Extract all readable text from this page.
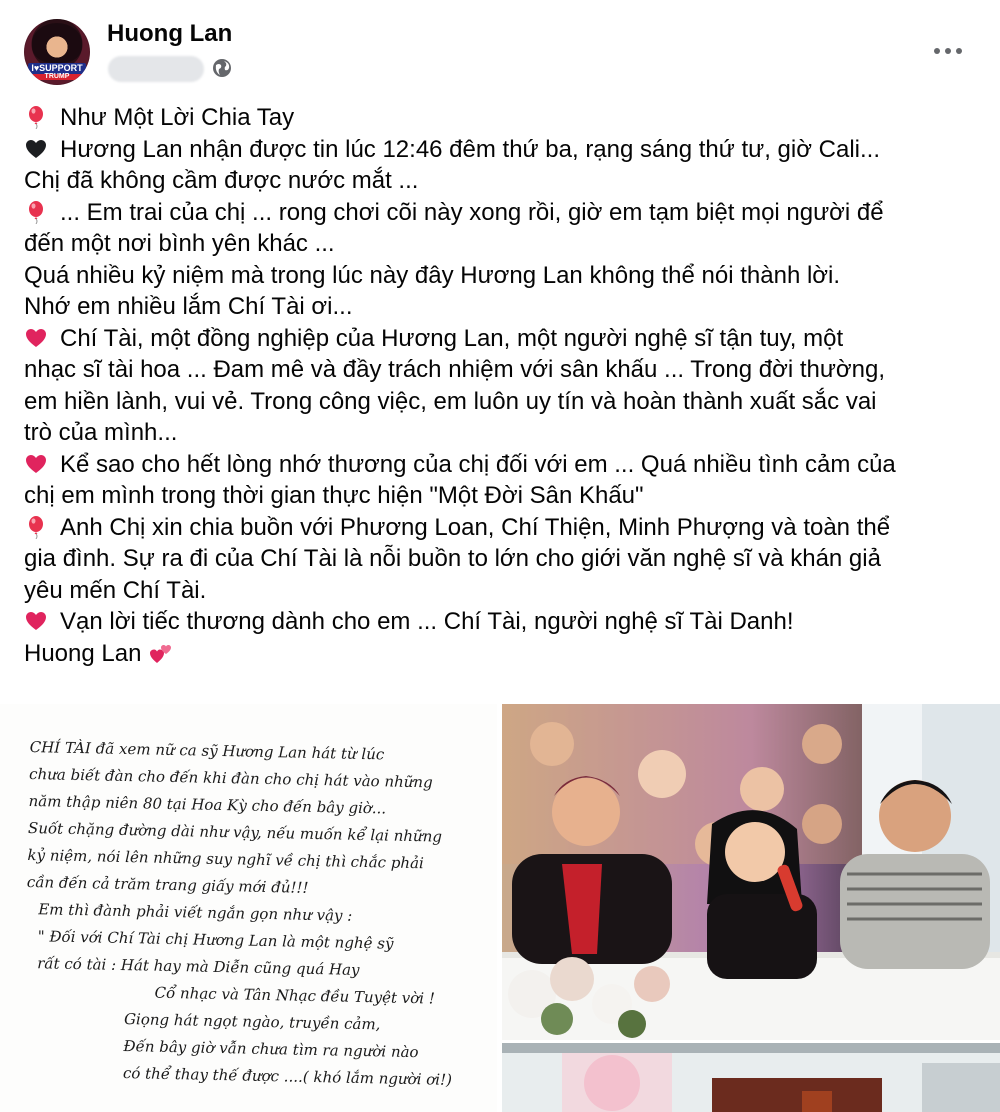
I♥SUPPORT
TRUMP
Huong Lan
Như Một Lời Chia Tay
Hương Lan nhận được tin lúc 12:46 đêm thứ ba, rạng sáng thứ tư, giờ Cali...
Chị đã không cầm được nước mắt ...
... Em trai của chị ... rong chơi cõi này xong rồi, giờ em tạm biệt mọi người để
đến một nơi bình yên khác ...
Quá nhiều kỷ niệm mà trong lúc này đây Hương Lan không thể nói thành lời.
Nhớ em nhiều lắm Chí Tài ơi...
Chí Tài, một đồng nghiệp của Hương Lan, một người nghệ sĩ tận tuy, một
nhạc sĩ tài hoa ... Đam mê và đầy trách nhiệm với sân khấu ... Trong đời thường,
em hiền lành, vui vẻ. Trong công việc, em luôn uy tín và hoàn thành xuất sắc vai
trò của mình...
Kể sao cho hết lòng nhớ thương của chị đối với em ... Quá nhiều tình cảm của
chị em mình trong thời gian thực hiện "Một Đời Sân Khấu"
Anh Chị xin chia buồn với Phương Loan, Chí Thiện, Minh Phượng và toàn thể
gia đình. Sự ra đi của Chí Tài là nỗi buồn to lớn cho giới văn nghệ sĩ và khán giả
yêu mến Chí Tài.
Vạn lời tiếc thương dành cho em ... Chí Tài, người nghệ sĩ Tài Danh!
Huong Lan
CHÍ TÀI đã xem nữ ca sỹ Hương Lan hát từ lúc
chưa biết đàn cho đến khi đàn cho chị hát vào những
năm thập niên 80 tại Hoa Kỳ cho đến bây giờ...
Suốt chặng đường dài như vậy, nếu muốn kể lại những
kỷ niệm, nói lên những suy nghĩ về chị thì chắc phải
cần đến cả trăm trang giấy mới đủ!!!
Em thì đành phải viết ngắn gọn như vậy :
" Đối với Chí Tài chị Hương Lan là một nghệ sỹ
rất có tài : Hát hay mà Diễn cũng quá Hay
Cổ nhạc và Tân Nhạc đều Tuyệt vời !
Giọng hát ngọt ngào, truyền cảm,
Đến bây giờ vẫn chưa tìm ra người nào
có thể thay thế được ....( khó lắm người ơi!)
